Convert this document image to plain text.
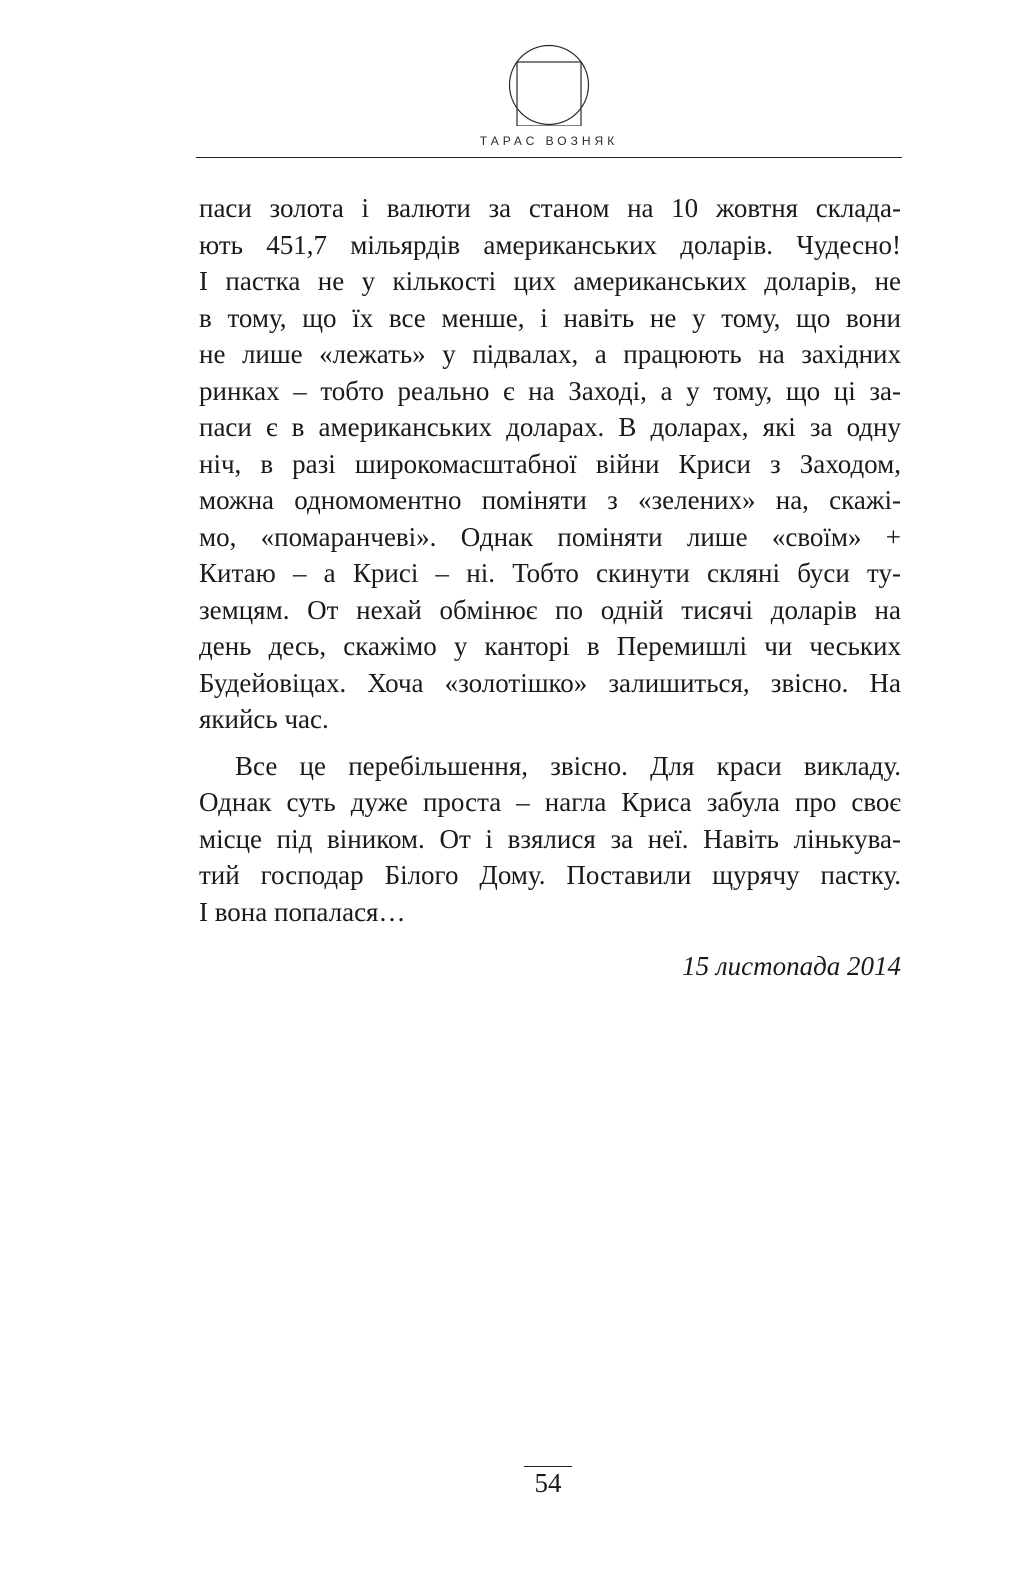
ТАРАС ВОЗНЯК
паси золота і валюти за станом на 10 жовтня склада-
ють 451,7 мільярдів американських доларів. Чудесно!
І пастка не у кількості цих американських доларів, не
в тому, що їх все менше, і навіть не у тому, що вони
не лише «лежать» у підвалах, а працюють на західних
ринках – тобто реально є на Заході, а у тому, що ці за-
паси є в американських доларах. В доларах, які за одну
ніч, в разі широкомасштабної війни Криси з Заходом,
можна одномоментно поміняти з «зелених» на, скажі-
мо, «помаранчеві». Однак поміняти лише «своїм» +
Китаю – а Крисі – ні. Тобто скинути скляні буси ту-
земцям. От нехай обмінює по одній тисячі доларів на
день десь, скажімо у канторі в Перемишлі чи чеських
Будейовіцах. Хоча «золотішко» залишиться, звісно. На
якийсь час.
Все це перебільшення, звісно. Для краси викладу.
Однак суть дуже проста – нагла Криса забула про своє
місце під віником. От і взялися за неї. Навіть лінькува-
тий господар Білого Дому. Поставили щурячу пастку.
І вона попалася…
15 листопада 2014
54
